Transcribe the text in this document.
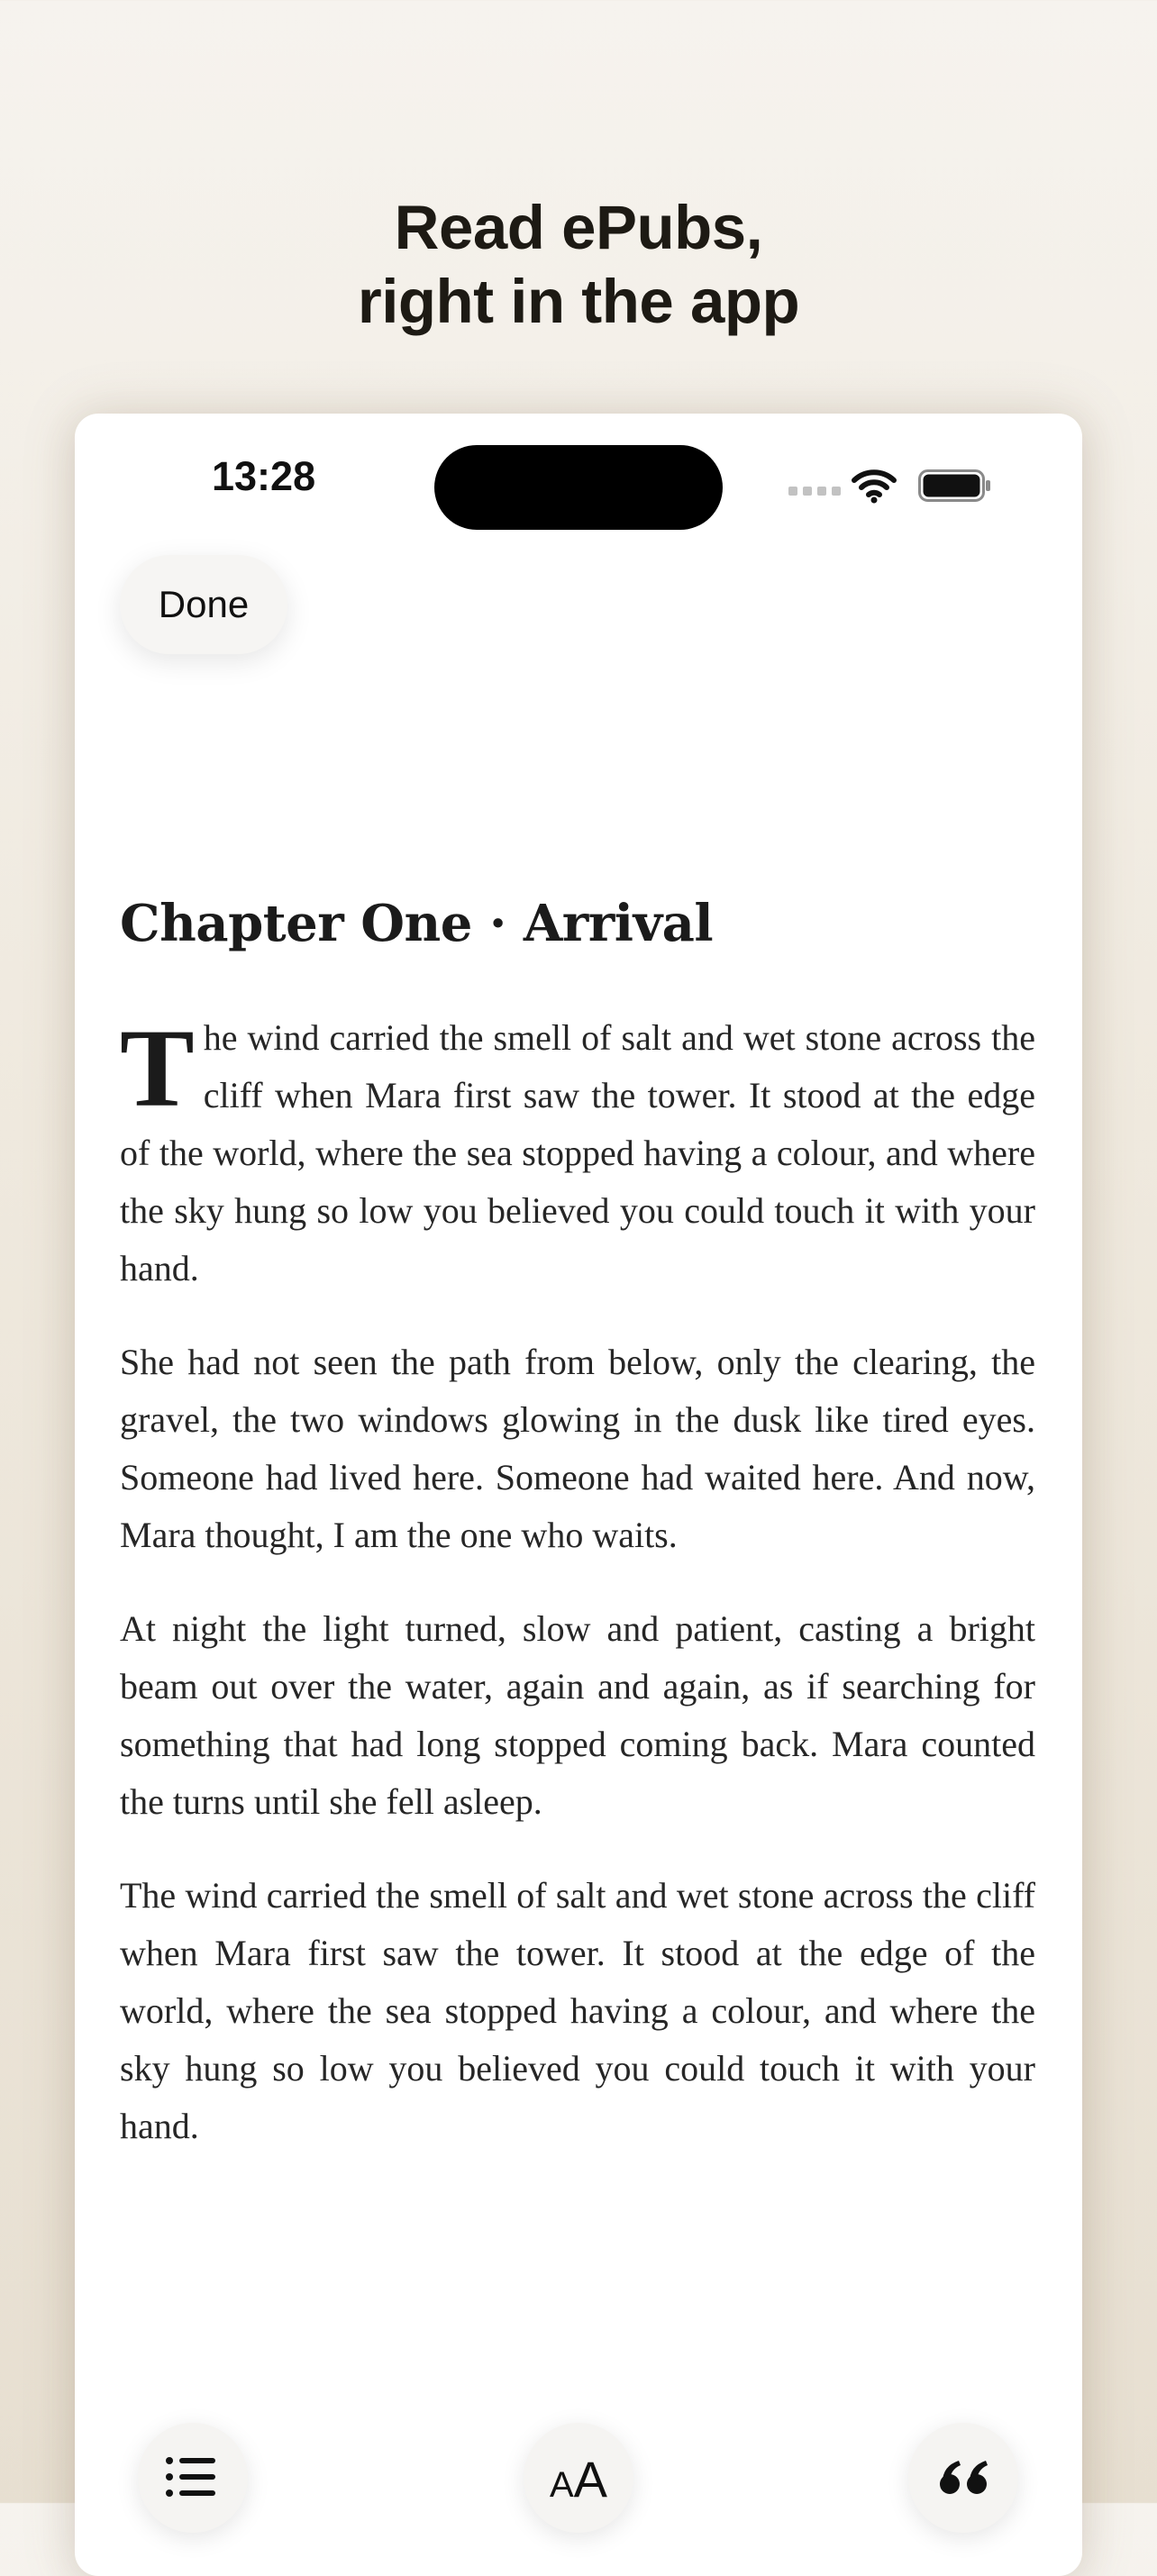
Read ePubs,
right in the app
13:28
Done
Chapter One · Arrival

The wind carried the smell of salt and wet stone across the cliff when Mara first saw the tower. It stood at the edge of the world, where the sea stopped having a colour, and where the sky hung so low you believed you could touch it with your hand.

She had not seen the path from below, only the clearing, the gravel, the two windows glowing in the dusk like tired eyes. Someone had lived here. Someone had waited here. And now, Mara thought, I am the one who waits.

At night the light turned, slow and patient, casting a bright beam out over the water, again and again, as if searching for something that had long stopped coming back. Mara counted the turns until she fell asleep.

The wind carried the smell of salt and wet stone across the cliff when Mara first saw the tower. It stood at the edge of the world, where the sea stopped having a colour, and where the sky hung so low you believed you could touch it with your hand.

AA
